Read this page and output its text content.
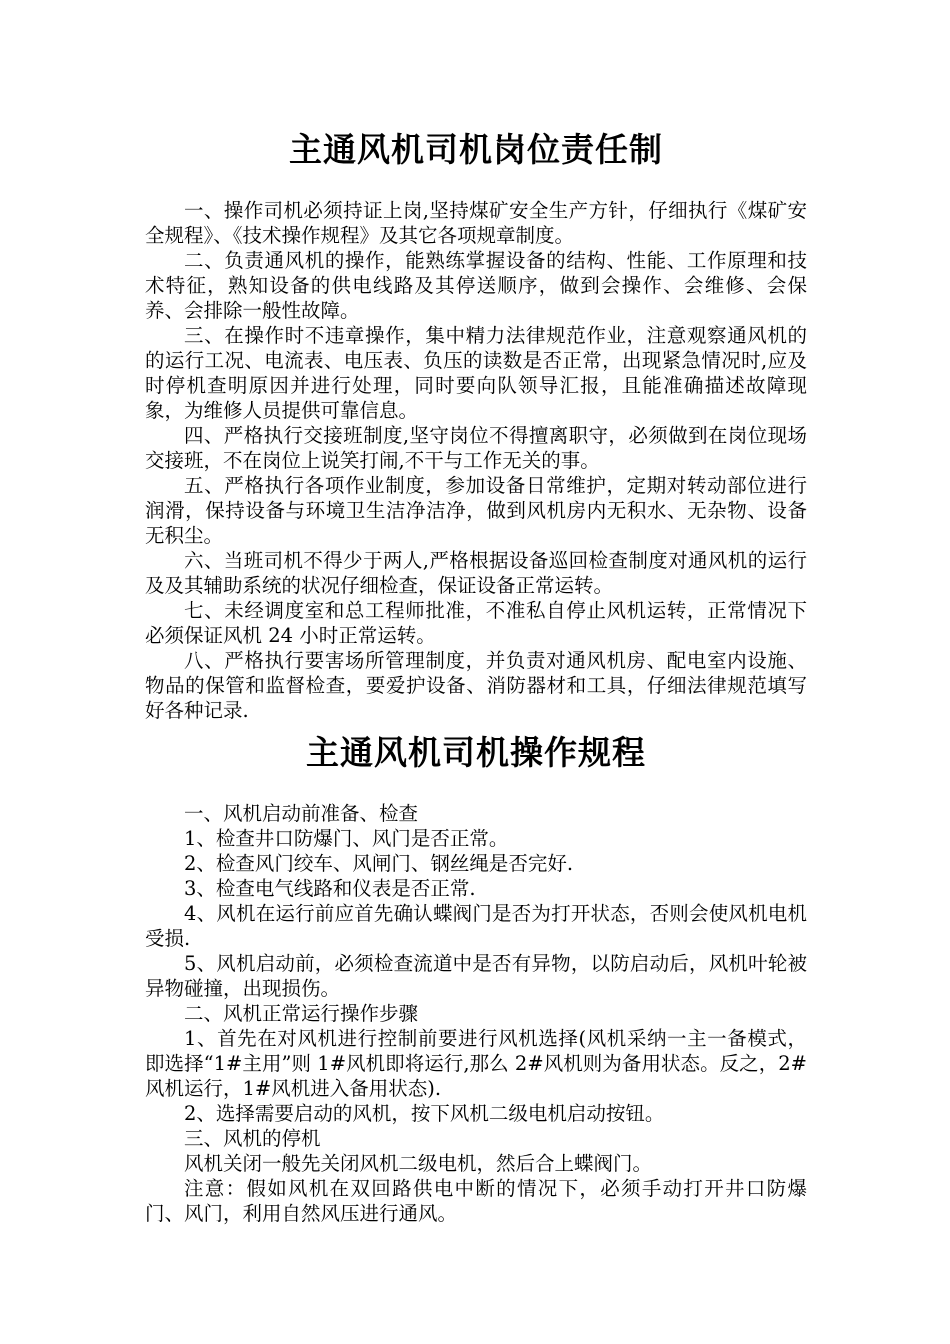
主通风机司机岗位责任制

一、操作司机必须持证上岗,坚持煤矿安全生产方针，仔细执行《煤矿安全规程》、《技术操作规程》及其它各项规章制度。

二、负责通风机的操作，能熟练掌握设备的结构、性能、工作原理和技术特征，熟知设备的供电线路及其停送顺序，做到会操作、会维修、会保养、会排除一般性故障。

三、在操作时不违章操作，集中精力法律规范作业，注意观察通风机的的运行工况、电流表、电压表、负压的读数是否正常，出现紧急情况时,应及时停机查明原因并进行处理，同时要向队领导汇报，且能准确描述故障现象，为维修人员提供可靠信息。

四、严格执行交接班制度,坚守岗位不得擅离职守，必须做到在岗位现场交接班，不在岗位上说笑打闹,不干与工作无关的事。

五、严格执行各项作业制度，参加设备日常维护，定期对转动部位进行润滑，保持设备与环境卫生洁净洁净，做到风机房内无积水、无杂物、设备无积尘。

六、当班司机不得少于两人,严格根据设备巡回检查制度对通风机的运行及及其辅助系统的状况仔细检查，保证设备正常运转。

七、未经调度室和总工程师批准，不准私自停止风机运转，正常情况下必须保证风机 24 小时正常运转。

八、严格执行要害场所管理制度，并负责对通风机房、配电室内设施、物品的保管和监督检查，要爱护设备、消防器材和工具，仔细法律规范填写好各种记录.

主通风机司机操作规程

一、风机启动前准备、检查

1、检查井口防爆门、风门是否正常。

2、检查风门绞车、风闸门、钢丝绳是否完好.

3、检查电气线路和仪表是否正常.

4、风机在运行前应首先确认蝶阀门是否为打开状态，否则会使风机电机受损.

5、风机启动前，必须检查流道中是否有异物，以防启动后，风机叶轮被异物碰撞，出现损伤。

二、风机正常运行操作步骤

1、首先在对风机进行控制前要进行风机选择(风机采纳一主一备模式，即选择“1#主用”则 1#风机即将运行,那么 2#风机则为备用状态。反之，2#风机运行，1#风机进入备用状态).

2、选择需要启动的风机，按下风机二级电机启动按钮。

三、风机的停机

风机关闭一般先关闭风机二级电机，然后合上蝶阀门。

注意：假如风机在双回路供电中断的情况下，必须手动打开井口防爆门、风门，利用自然风压进行通风。
